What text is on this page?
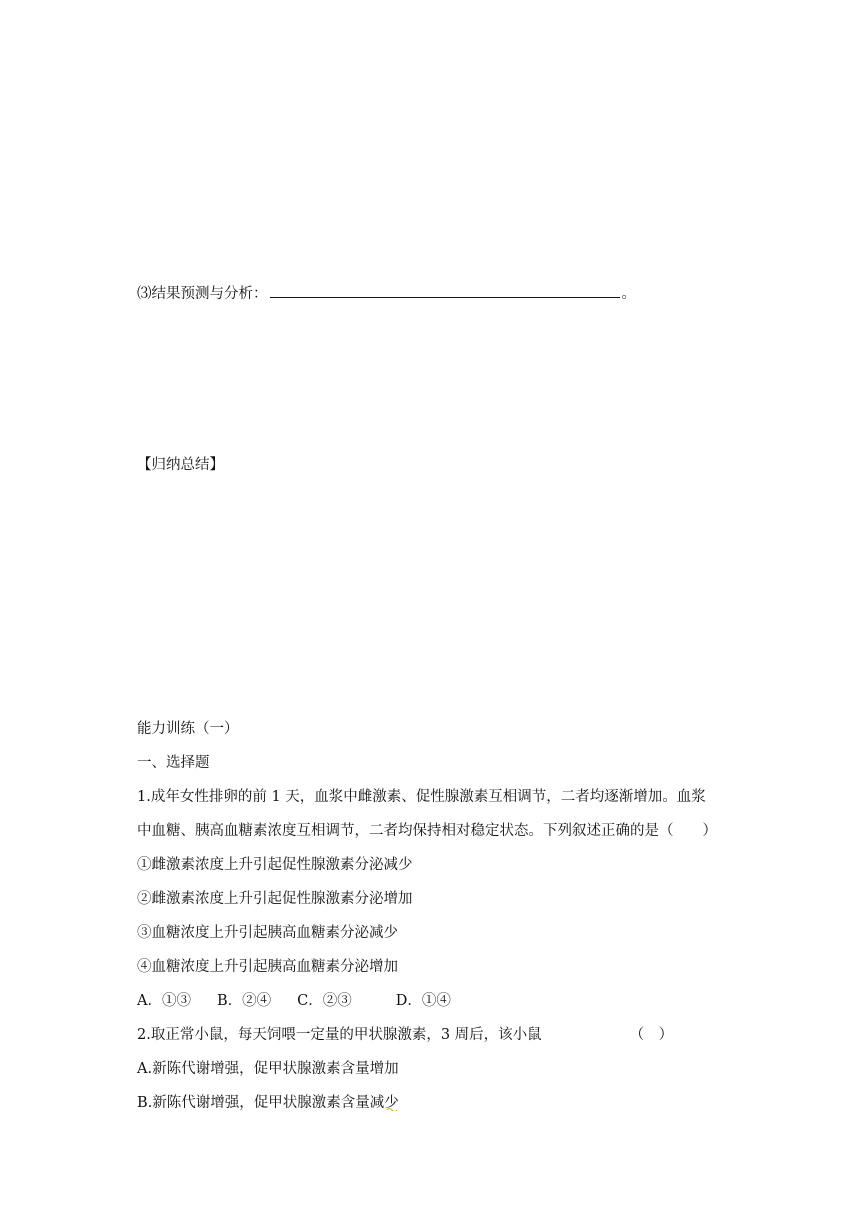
⑶结果预测与分析：	。
【归纳总结】
能力训练（一）
一、选择题
1.成年女性排卵的前 1 天，血浆中雌激素、促性腺激素互相调节，二者均逐渐增加。血浆
中血糖、胰高血糖素浓度互相调节，二者均保持相对稳定状态。下列叙述正确的是（　　）
①雌激素浓度上升引起促性腺激素分泌减少
②雌激素浓度上升引起促性腺激素分泌增加
③血糖浓度上升引起胰高血糖素分泌减少
④血糖浓度上升引起胰高血糖素分泌增加
A．①③ B．②④ C．②③	D．①④
2.取正常小鼠，每天饲喂一定量的甲状腺激素，3 周后，该小鼠	（　）
A.新陈代谢增强，促甲状腺激素含量增加
B.新陈代谢增强，促甲状腺激素含量减少
